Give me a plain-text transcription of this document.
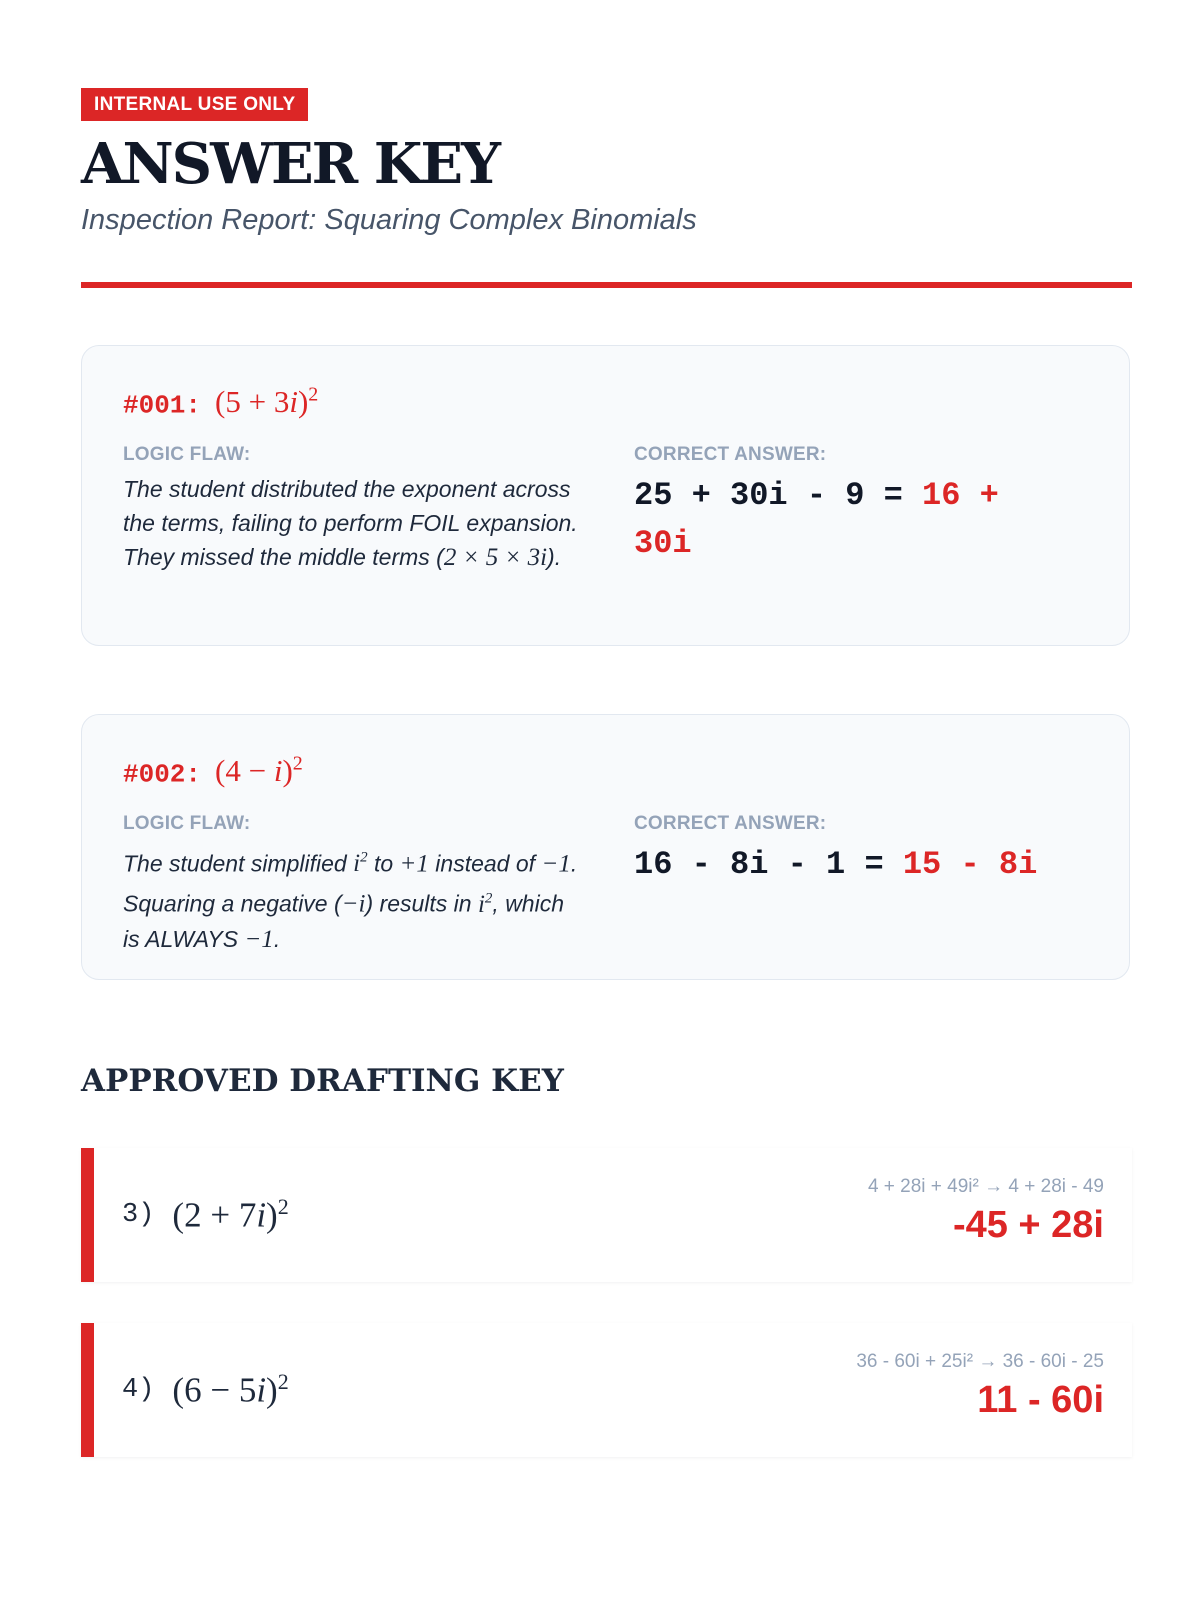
INTERNAL USE ONLY
ANSWER KEY
Inspection Report: Squaring Complex Binomials
#001: $(5 + 3i)^2$
LOGIC FLAW:
The student distributed the exponent across the terms, failing to perform FOIL expansion. They missed the middle terms (2 × 5 × 3i).
CORRECT ANSWER:
25 + 30i - 9 = 16 + 30i
#002: $(4 - i)^2$
LOGIC FLAW:
The student simplified $i^2$ to +1 instead of −1. Squaring a negative (−i) results in $i^2$, which is ALWAYS −1.
CORRECT ANSWER:
16 - 8i - 1 = 15 - 8i
APPROVED DRAFTING KEY
3) $(2 + 7i)^2$
4 + 28i + 49i² → 4 + 28i - 49
-45 + 28i
4) $(6 - 5i)^2$
36 - 60i + 25i² → 36 - 60i - 25
11 - 60i
